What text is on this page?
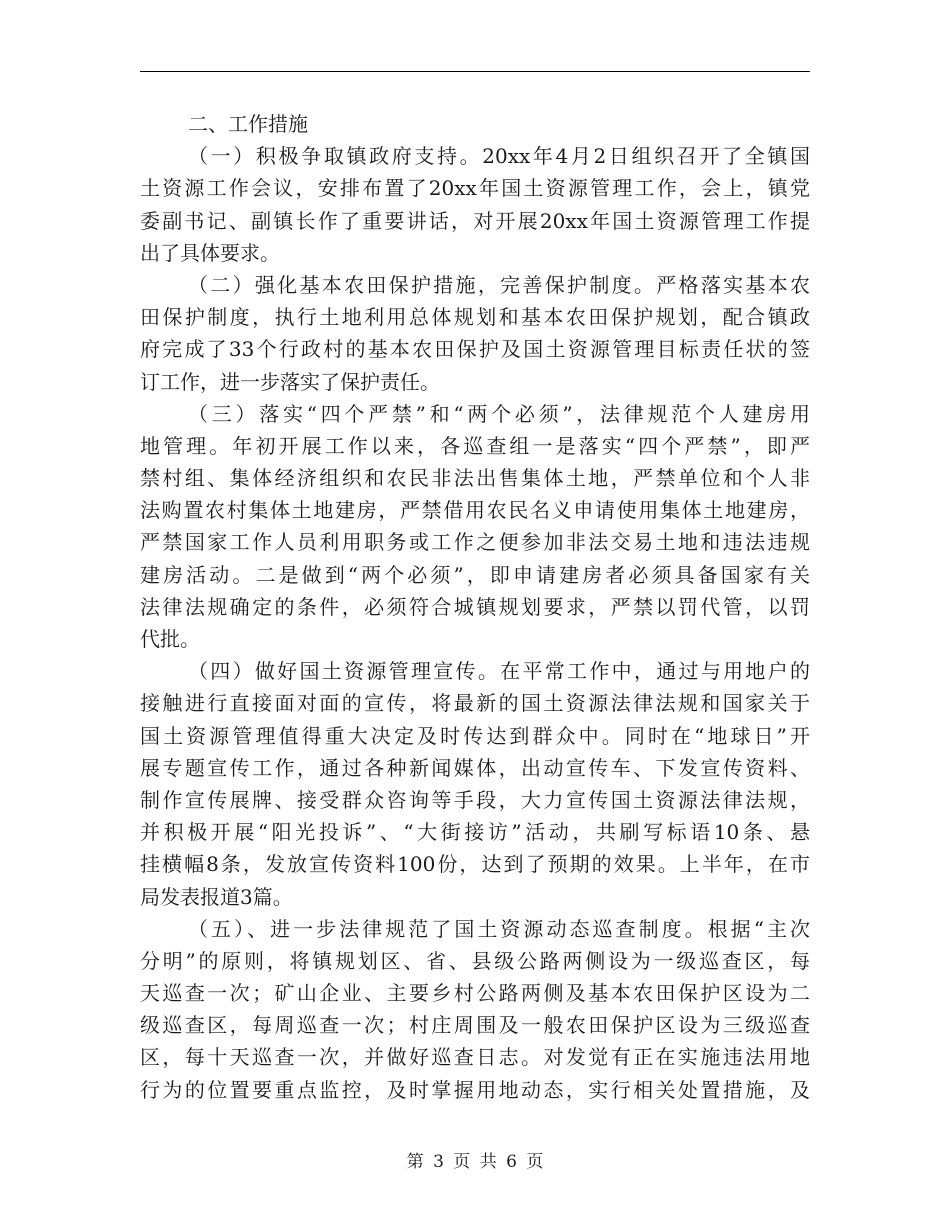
二、工作措施
（一）积极争取镇政府支持。20xx年4月2日组织召开了全镇国
土资源工作会议，安排布置了20xx年国土资源管理工作，会上，镇党
委副书记、副镇长作了重要讲话，对开展20xx年国土资源管理工作提
出了具体要求。
（二）强化基本农田保护措施，完善保护制度。严格落实基本农
田保护制度，执行土地利用总体规划和基本农田保护规划，配合镇政
府完成了33个行政村的基本农田保护及国土资源管理目标责任状的签
订工作，进一步落实了保护责任。
（三）落实“四个严禁”和“两个必须”，法律规范个人建房用
地管理。年初开展工作以来，各巡查组一是落实“四个严禁”，即严
禁村组、集体经济组织和农民非法出售集体土地，严禁单位和个人非
法购置农村集体土地建房，严禁借用农民名义申请使用集体土地建房，
严禁国家工作人员利用职务或工作之便参加非法交易土地和违法违规
建房活动。二是做到“两个必须”，即申请建房者必须具备国家有关
法律法规确定的条件，必须符合城镇规划要求，严禁以罚代管，以罚
代批。
（四）做好国土资源管理宣传。在平常工作中，通过与用地户的
接触进行直接面对面的宣传，将最新的国土资源法律法规和国家关于
国土资源管理值得重大决定及时传达到群众中。同时在“地球日”开
展专题宣传工作，通过各种新闻媒体，出动宣传车、下发宣传资料、
制作宣传展牌、接受群众咨询等手段，大力宣传国土资源法律法规，
并积极开展“阳光投诉”、“大街接访”活动，共刷写标语10条、悬
挂横幅8条，发放宣传资料100份，达到了预期的效果。上半年，在市
局发表报道3篇。
（五）、进一步法律规范了国土资源动态巡查制度。根据“主次
分明”的原则，将镇规划区、省、县级公路两侧设为一级巡查区，每
天巡查一次；矿山企业、主要乡村公路两侧及基本农田保护区设为二
级巡查区，每周巡查一次；村庄周围及一般农田保护区设为三级巡查
区，每十天巡查一次，并做好巡查日志。对发觉有正在实施违法用地
行为的位置要重点监控，及时掌握用地动态，实行相关处置措施，及
第 3 页 共 6 页
